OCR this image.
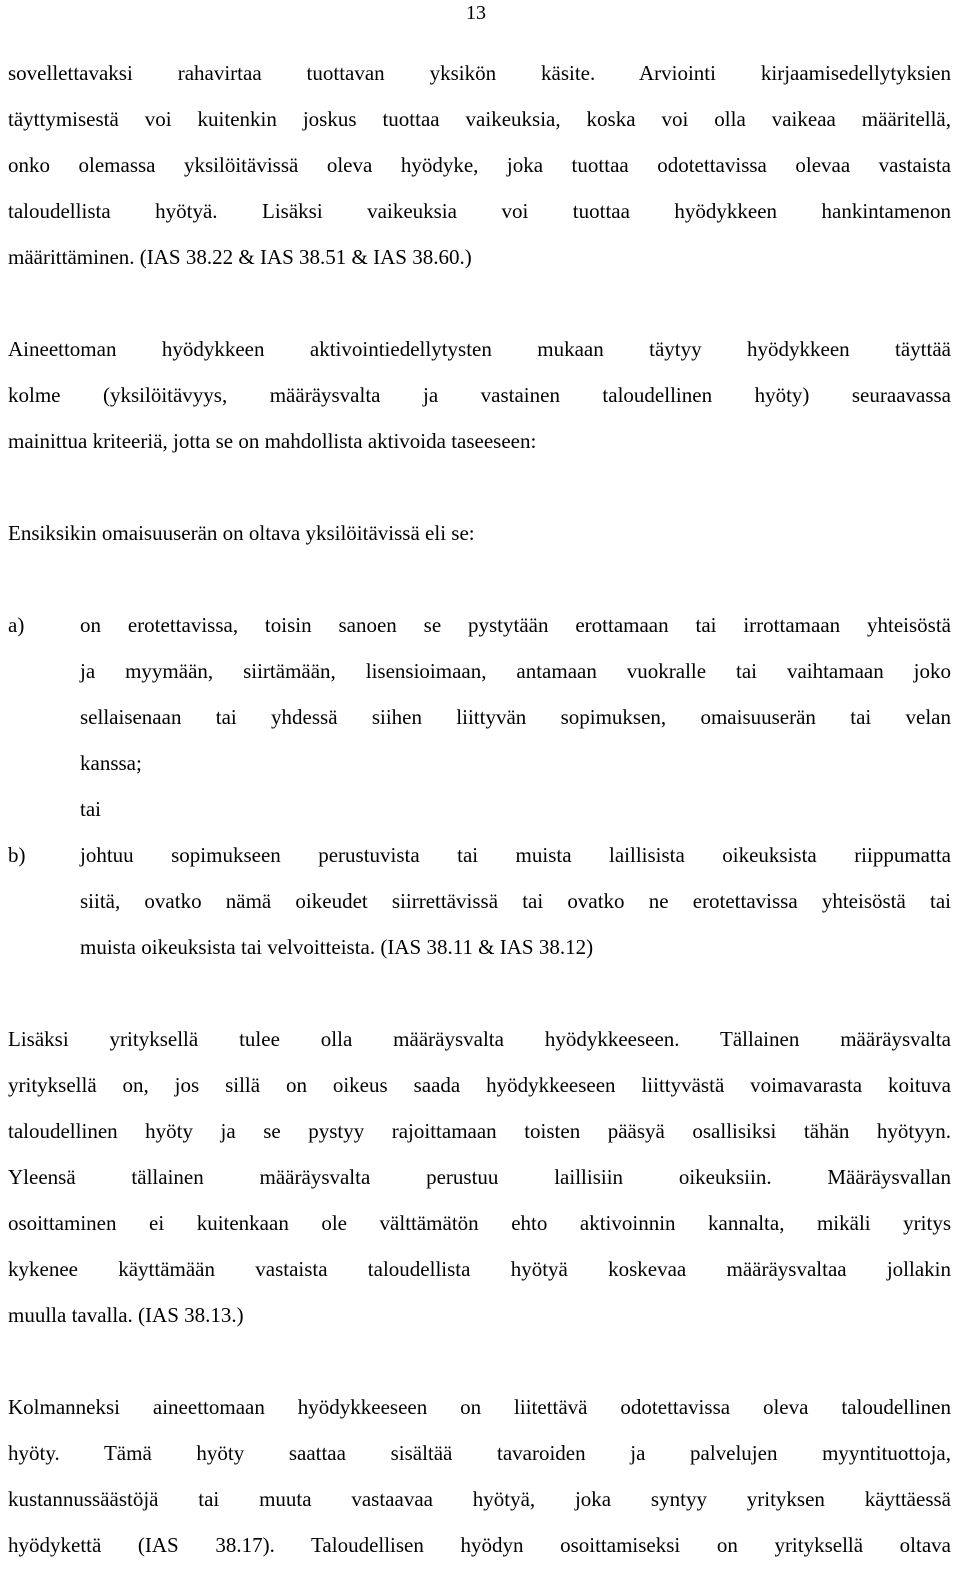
13
sovellettavaksi rahavirtaa tuottavan yksikön käsite. Arviointi kirjaamisedellytyksien
täyttymisestä voi kuitenkin joskus tuottaa vaikeuksia, koska voi olla vaikeaa määritellä,
onko olemassa yksilöitävissä oleva hyödyke, joka tuottaa odotettavissa olevaa vastaista
taloudellista hyötyä. Lisäksi vaikeuksia voi tuottaa hyödykkeen hankintamenon
määrittäminen. (IAS 38.22 & IAS 38.51 & IAS 38.60.)
Aineettoman hyödykkeen aktivointiedellytysten mukaan täytyy hyödykkeen täyttää
kolme (yksilöitävyys, määräysvalta ja vastainen taloudellinen hyöty) seuraavassa
mainittua kriteeriä, jotta se on mahdollista aktivoida taseeseen:
Ensiksikin omaisuuserän on oltava yksilöitävissä eli se:
a)	on erotettavissa, toisin sanoen se pystytään erottamaan tai irrottamaan yhteisöstä
ja myymään, siirtämään, lisensioimaan, antamaan vuokralle tai vaihtamaan joko
sellaisenaan tai yhdessä siihen liittyvän sopimuksen, omaisuuserän tai velan
kanssa;
tai
b)	johtuu sopimukseen perustuvista tai muista laillisista oikeuksista riippumatta
siitä, ovatko nämä oikeudet siirrettävissä tai ovatko ne erotettavissa yhteisöstä tai
muista oikeuksista tai velvoitteista. (IAS 38.11 & IAS 38.12)
Lisäksi yrityksellä tulee olla määräysvalta hyödykkeeseen. Tällainen määräysvalta
yrityksellä on, jos sillä on oikeus saada hyödykkeeseen liittyvästä voimavarasta koituva
taloudellinen hyöty ja se pystyy rajoittamaan toisten pääsyä osallisiksi tähän hyötyyn.
Yleensä tällainen määräysvalta perustuu laillisiin oikeuksiin. Määräysvallan
osoittaminen ei kuitenkaan ole välttämätön ehto aktivoinnin kannalta, mikäli yritys
kykenee käyttämään vastaista taloudellista hyötyä koskevaa määräysvaltaa jollakin
muulla tavalla. (IAS 38.13.)
Kolmanneksi aineettomaan hyödykkeeseen on liitettävä odotettavissa oleva taloudellinen
hyöty. Tämä hyöty saattaa sisältää tavaroiden ja palvelujen myyntituottoja,
kustannussäästöjä tai muuta vastaavaa hyötyä, joka syntyy yrityksen käyttäessä
hyödykettä (IAS 38.17). Taloudellisen hyödyn osoittamiseksi on yrityksellä oltava
